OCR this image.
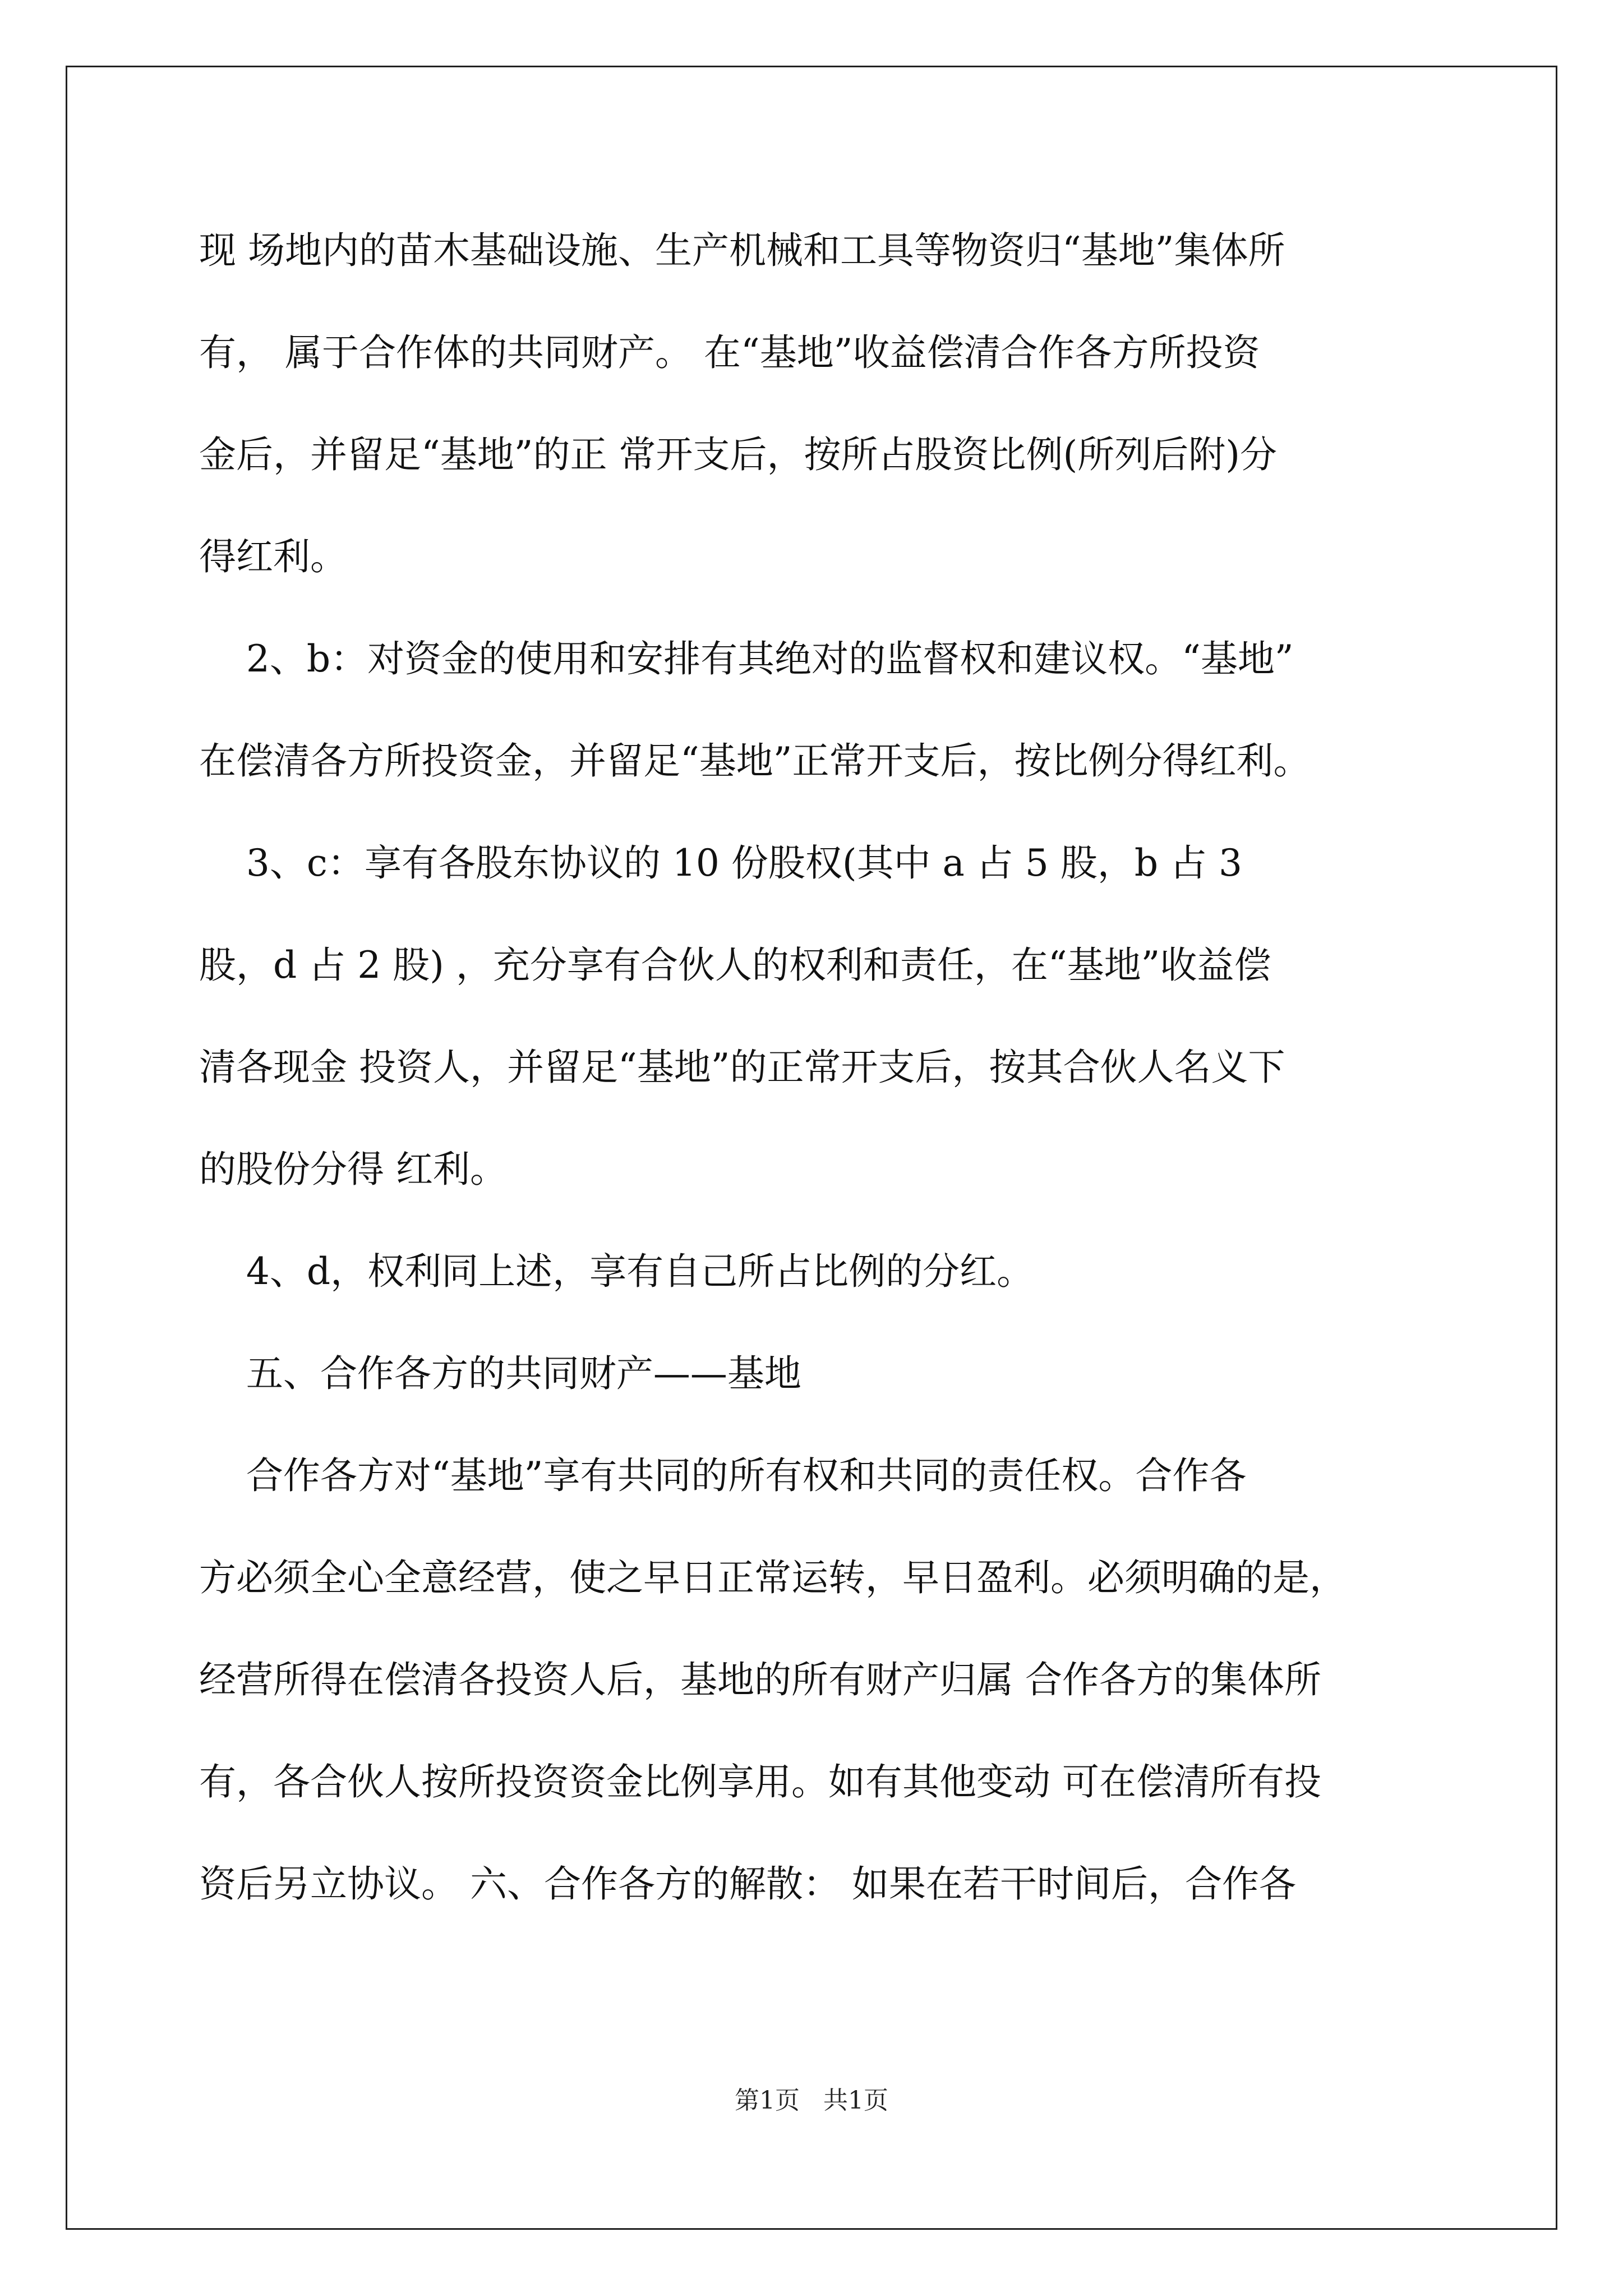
现 场地内的苗木基础设施、生产机械和工具等物资归“基地”集体所
有， 属于合作体的共同财产。 在“基地”收益偿清合作各方所投资
金后，并留足“基地”的正 常开支后，按所占股资比例(所列后附)分
得红利。
2、b：对资金的使用和安排有其绝对的监督权和建议权。“基地”
在偿清各方所投资金，并留足“基地”正常开支后，按比例分得红利。
3、c：享有各股东协议的 10 份股权(其中 a 占 5 股，b 占 3
股，d 占 2 股) ，充分享有合伙人的权利和责任，在“基地”收益偿
清各现金 投资人，并留足“基地”的正常开支后，按其合伙人名义下
的股份分得 红利。
4、d，权利同上述，享有自己所占比例的分红。
五、合作各方的共同财产——基地
合作各方对“基地”享有共同的所有权和共同的责任权。合作各
方必须全心全意经营，使之早日正常运转，早日盈利。必须明确的是，
经营所得在偿清各投资人后，基地的所有财产归属 合作各方的集体所
有，各合伙人按所投资资金比例享用。如有其他变动 可在偿清所有投
资后另立协议。 六、合作各方的解散： 如果在若干时间后，合作各
第1页   共1页
